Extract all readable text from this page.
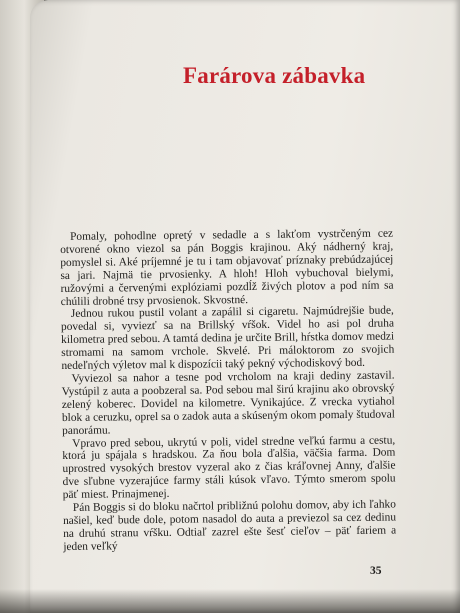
Farárova zábavka

Pomaly, pohodlne opretý v sedadle a s lakťom vystrčeným cez otvorené okno viezol sa pán Boggis krajinou. Aký nádherný kraj, pomyslel si. Aké príjemné je tu i tam objavovať príznaky prebúdzajúcej sa jari. Najmä tie prvosienky. A hloh! Hloh vybuchoval bielymi, ružovými a červenými explóziami pozdĺž živých plotov a pod ním sa chúlili drobné trsy prvosienok. Skvostné.

Jednou rukou pustil volant a zapálil si cigaretu. Najmúdrejšie bude, povedal si, vyviezť sa na Brillský vŕšok. Videl ho asi pol druha kilometra pred sebou. A tamtá dedina je určite Brill, hŕstka domov medzi stromami na samom vrchole. Skvelé. Pri máloktorom zo svojich nedeľných výletov mal k dispozícii taký pekný východiskový bod.

Vyviezol sa nahor a tesne pod vrcholom na kraji dediny zastavil. Vystúpil z auta a poobzeral sa. Pod sebou mal širú krajinu ako obrovský zelený koberec. Dovidel na kilometre. Vynikajúce. Z vrecka vytiahol blok a ceruzku, oprel sa o zadok auta a skúseným okom pomaly študoval panorámu.

Vpravo pred sebou, ukrytú v poli, videl stredne veľkú farmu a cestu, ktorá ju spájala s hradskou. Za ňou bola ďalšia, väčšia farma. Dom uprostred vysokých brestov vyzeral ako z čias kráľovnej Anny, ďalšie dve sľubne vyzerajúce farmy stáli kúsok vľavo. Týmto smerom spolu päť miest. Prinajmenej.

Pán Boggis si do bloku načrtol približnú polohu domov, aby ich ľahko našiel, keď bude dole, potom nasadol do auta a previezol sa cez dedinu na druhú stranu vŕšku. Odtiaľ zazrel ešte šesť cieľov – päť fariem a jeden veľký

35
